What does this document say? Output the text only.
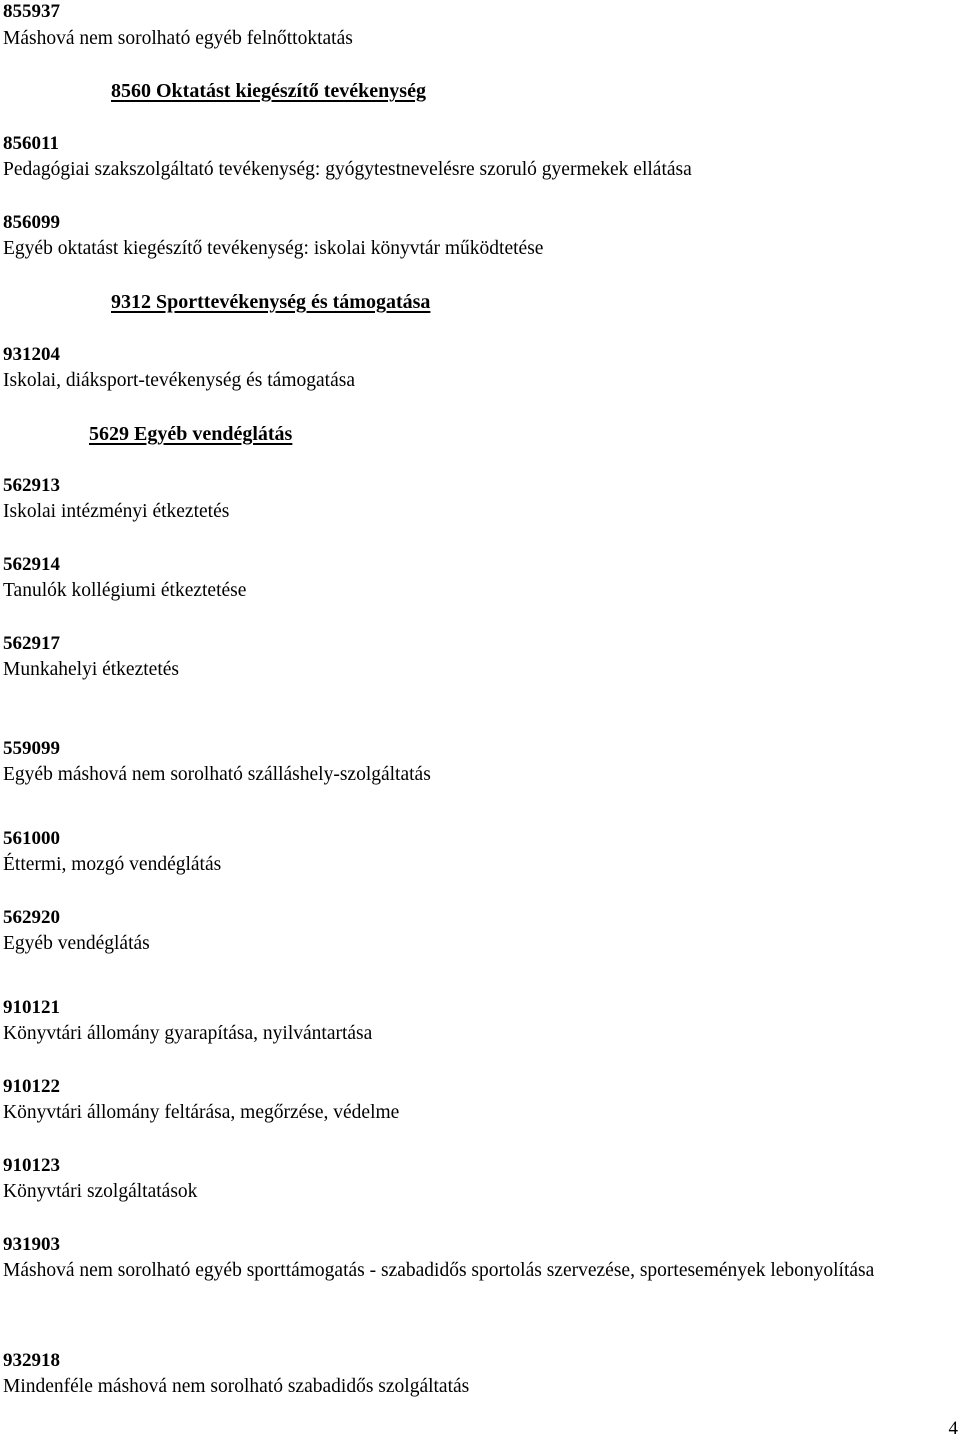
855937
Máshová nem sorolható egyéb felnőttoktatás
8560 Oktatást kiegészítő tevékenység
856011
Pedagógiai szakszolgáltató tevékenység: gyógytestnevelésre szoruló gyermekek ellátása
856099
Egyéb oktatást kiegészítő tevékenység: iskolai könyvtár működtetése
9312 Sporttevékenység és támogatása
931204
Iskolai, diáksport-tevékenység és támogatása
5629 Egyéb vendéglátás
562913
Iskolai intézményi étkeztetés
562914
Tanulók kollégiumi étkeztetése
562917
Munkahelyi étkeztetés
559099
Egyéb máshová nem sorolható szálláshely-szolgáltatás
561000
Éttermi, mozgó vendéglátás
562920
Egyéb vendéglátás
910121
Könyvtári állomány gyarapítása, nyilvántartása
910122
Könyvtári állomány feltárása, megőrzése, védelme
910123
Könyvtári szolgáltatások
931903
Máshová nem sorolható egyéb sporttámogatás - szabadidős sportolás szervezése, sportesemények lebonyolítása
932918
Mindenféle máshová nem sorolható szabadidős szolgáltatás
4
